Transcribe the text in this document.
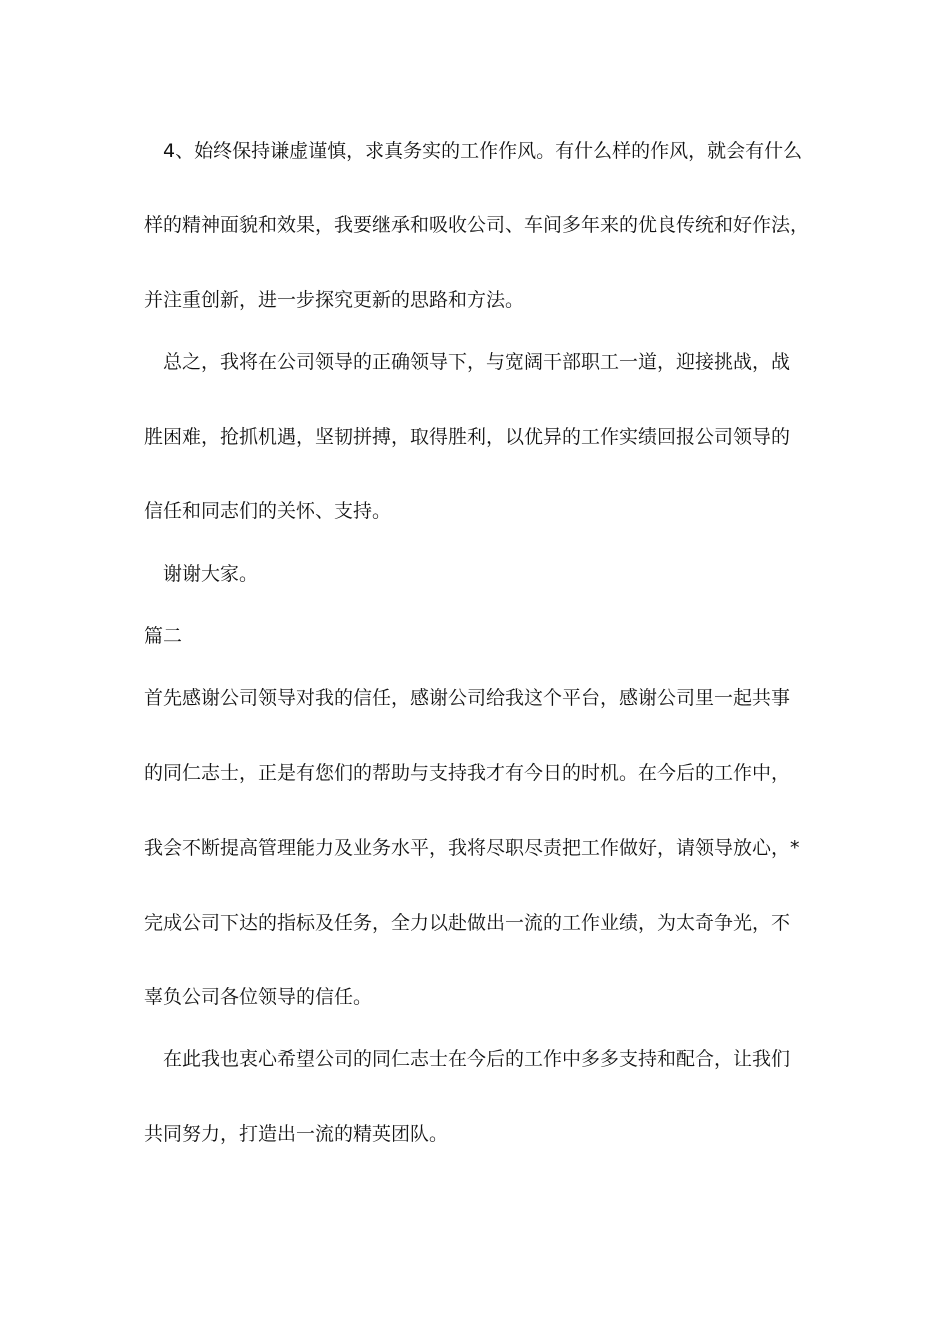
　4、始终保持谦虚谨慎，求真务实的工作作风。有什么样的作风，就会有什么
样的精神面貌和效果，我要继承和吸收公司、车间多年来的优良传统和好作法，
并注重创新，进一步探究更新的思路和方法。
　总之，我将在公司领导的正确领导下，与宽阔干部职工一道，迎接挑战，战
胜困难，抢抓机遇，坚韧拼搏，取得胜利，以优异的工作实绩回报公司领导的
信任和同志们的关怀、支持。
　谢谢大家。
篇二
首先感谢公司领导对我的信任，感谢公司给我这个平台，感谢公司里一起共事
的同仁志士，正是有您们的帮助与支持我才有今日的时机。在今后的工作中，
我会不断提高管理能力及业务水平，我将尽职尽责把工作做好，请领导放心，*
完成公司下达的指标及任务，全力以赴做出一流的工作业绩，为太奇争光，不
辜负公司各位领导的信任。
　在此我也衷心希望公司的同仁志士在今后的工作中多多支持和配合，让我们
共同努力，打造出一流的精英团队。
